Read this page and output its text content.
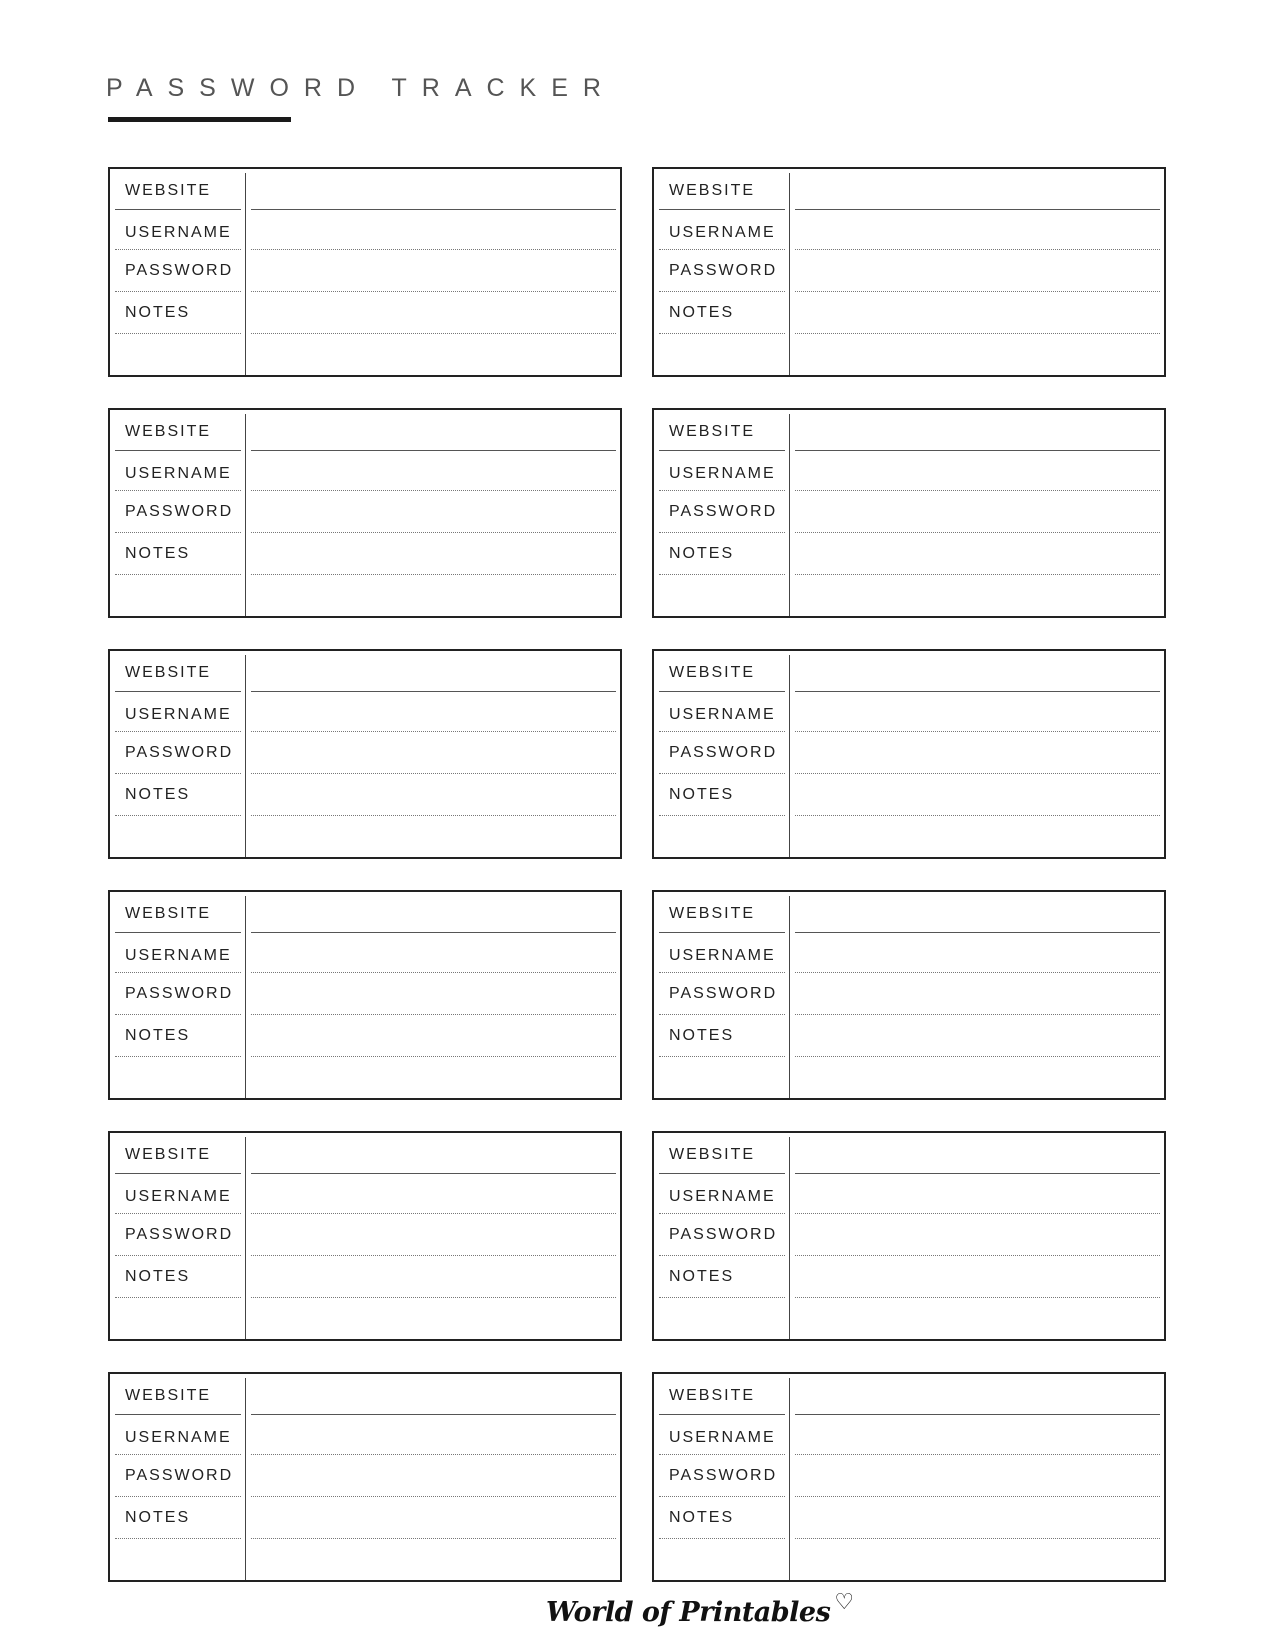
PASSWORD TRACKER
WEBSITE
USERNAME
PASSWORD
NOTES
WEBSITE
USERNAME
PASSWORD
NOTES
WEBSITE
USERNAME
PASSWORD
NOTES
WEBSITE
USERNAME
PASSWORD
NOTES
WEBSITE
USERNAME
PASSWORD
NOTES
WEBSITE
USERNAME
PASSWORD
NOTES
WEBSITE
USERNAME
PASSWORD
NOTES
WEBSITE
USERNAME
PASSWORD
NOTES
WEBSITE
USERNAME
PASSWORD
NOTES
WEBSITE
USERNAME
PASSWORD
NOTES
WEBSITE
USERNAME
PASSWORD
NOTES
WEBSITE
USERNAME
PASSWORD
NOTES
World of Printables ♡
